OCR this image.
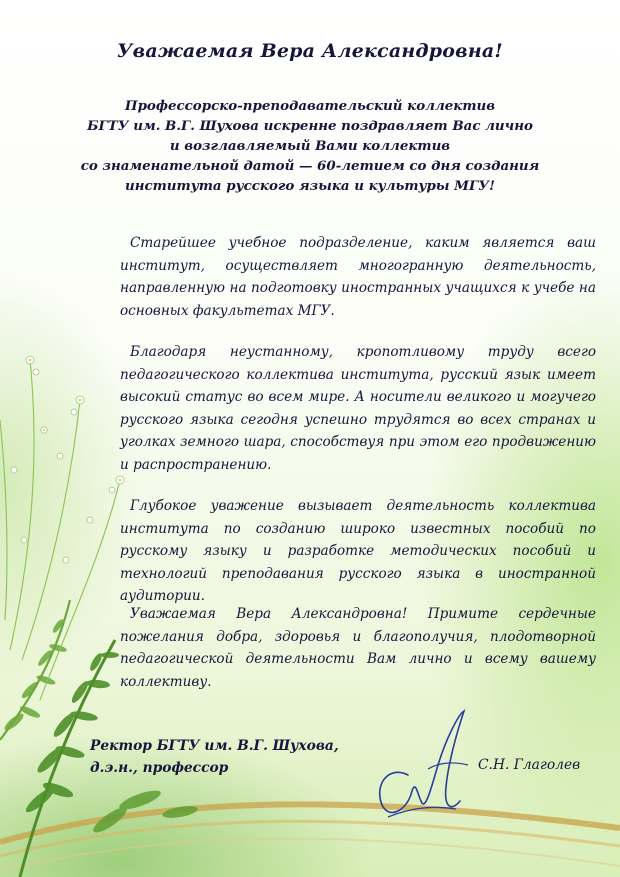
Уважаемая Вера Александровна!
Профессорско-преподавательский коллектив
БГТУ им. В.Г. Шухова искренне поздравляет Вас лично
и возглавляемый Вами коллектив
со знаменательной датой — 60-летием со дня создания
института русского языка и культуры МГУ!

Старейшее учебное подразделение, каким является ваш институт, осуществляет многогранную деятельность, направленную на подготовку иностранных учащихся к учебе на основных факультетах МГУ.

Благодаря неустанному, кропотливому труду всего педагогического коллектива института, русский язык имеет высокий статус во всем мире. А носители великого и могучего русского языка сегодня успешно трудятся во всех странах и уголках земного шара, способствуя при этом его продвижению и распространению.

Глубокое уважение вызывает деятельность коллектива института по созданию широко известных пособий по русскому языку и разработке методических пособий и технологий преподавания русского языка в иностранной аудитории.

Уважаемая Вера Александровна! Примите сердечные пожелания добра, здоровья и благополучия, плодотворной педагогической деятельности Вам лично и всему вашему коллективу.

Ректор БГТУ им. В.Г. Шухова,
д.э.н., профессор	С.Н. Глаголев
